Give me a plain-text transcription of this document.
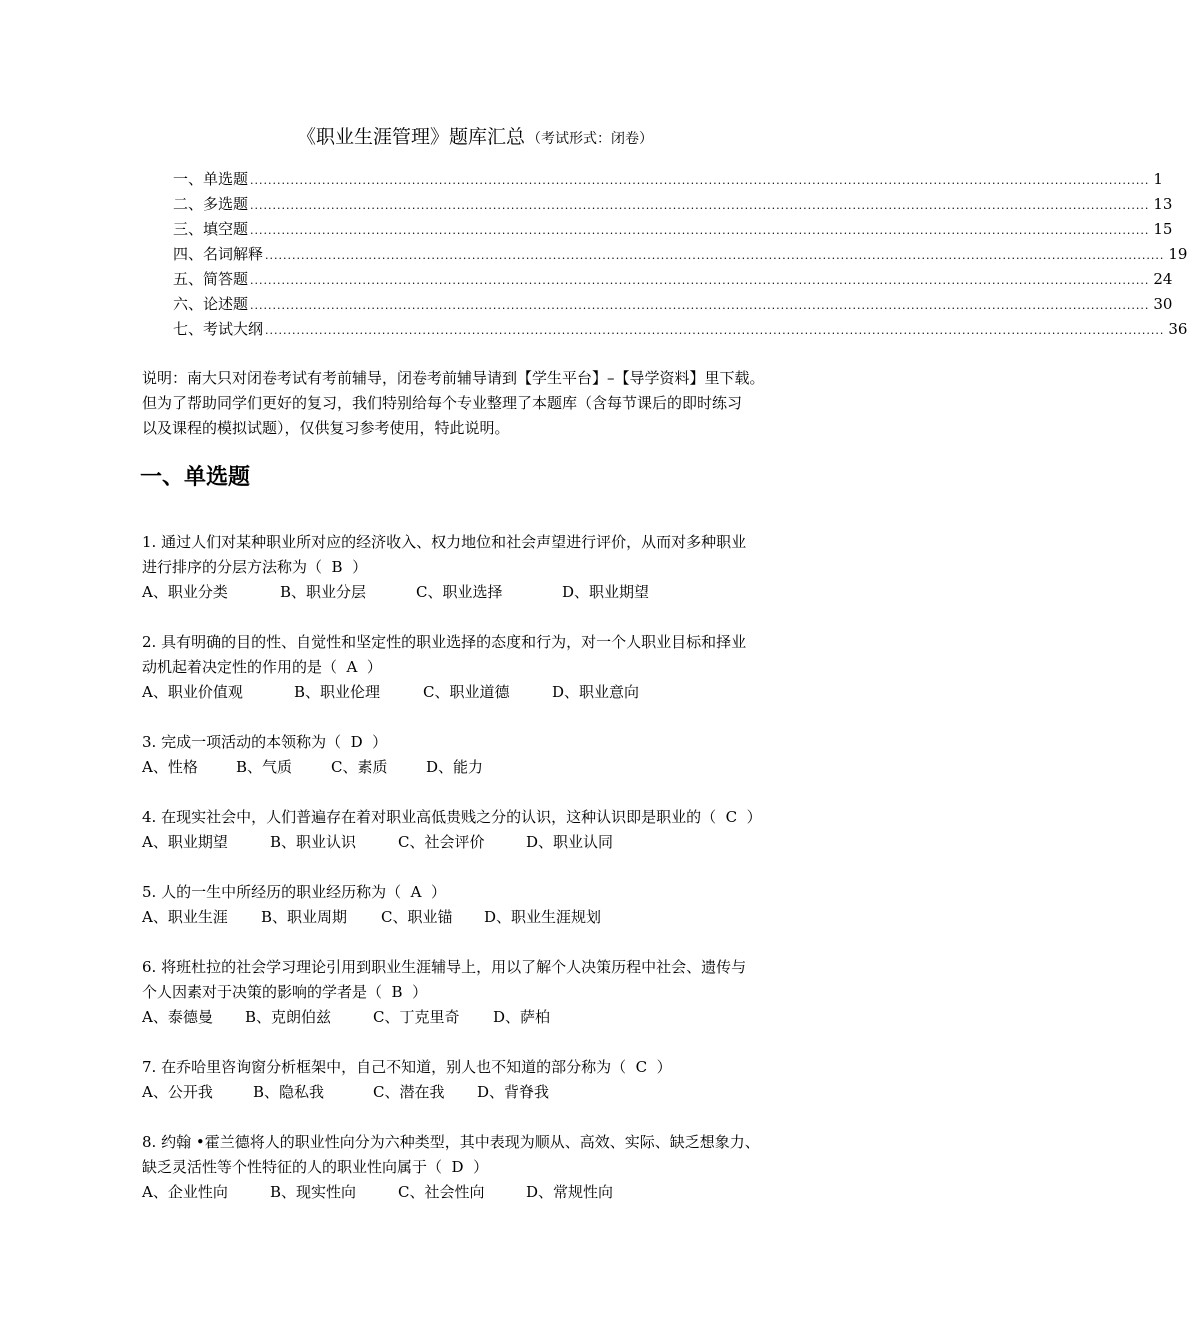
《职业生涯管理》题库汇总 （考试形式：闭卷）
一、单选题 ........................................................................................................................................................................................................ 1
二、多选题 ........................................................................................................................................................................................................ 13
三、填空题 ........................................................................................................................................................................................................ 15
四、名词解释 ........................................................................................................................................................................................................ 19
五、简答题 ........................................................................................................................................................................................................ 24
六、论述题 ........................................................................................................................................................................................................ 30
七、考试大纲 ........................................................................................................................................................................................................ 36

说明：南大只对闭卷考试有考前辅导，闭卷考前辅导请到【学生平台】–【导学资料】里下载。

但为了帮助同学们更好的复习，我们特别给每个专业整理了本题库（含每节课后的即时练习

以及课程的模拟试题），仅供复习参考使用，特此说明。

一、单选题
1. 通过人们对某种职业所对应的经济收入、权力地位和社会声望进行评价，从而对多种职业
进行排序的分层方法称为（  B  ）
A、职业分类	B、职业分层	C、职业选择	D、职业期望
2. 具有明确的目的性、自觉性和坚定性的职业选择的态度和行为，对一个人职业目标和择业
动机起着决定性的作用的是（  A  ）
A、职业价值观	B、职业伦理	C、职业道德	D、职业意向
3. 完成一项活动的本领称为（  D  ）
A、性格	B、气质	C、素质	D、能力
4. 在现实社会中，人们普遍存在着对职业高低贵贱之分的认识，这种认识即是职业的（  C  ）
A、职业期望	B、职业认识	C、社会评价	D、职业认同
5. 人的一生中所经历的职业经历称为（  A  ）
A、职业生涯	B、职业周期	C、职业锚	D、职业生涯规划
6. 将班杜拉的社会学习理论引用到职业生涯辅导上，用以了解个人决策历程中社会、遗传与
个人因素对于决策的影响的学者是（  B  ）
A、泰德曼	B、克朗伯兹	C、丁克里奇	D、萨柏
7. 在乔哈里咨询窗分析框架中，自己不知道，别人也不知道的部分称为（  C  ）
A、公开我	B、隐私我	C、潜在我	D、背脊我
8. 约翰 •霍兰德将人的职业性向分为六种类型，其中表现为顺从、高效、实际、缺乏想象力、
缺乏灵活性等个性特征的人的职业性向属于（  D  ）
A、企业性向	B、现实性向	C、社会性向	D、常规性向
